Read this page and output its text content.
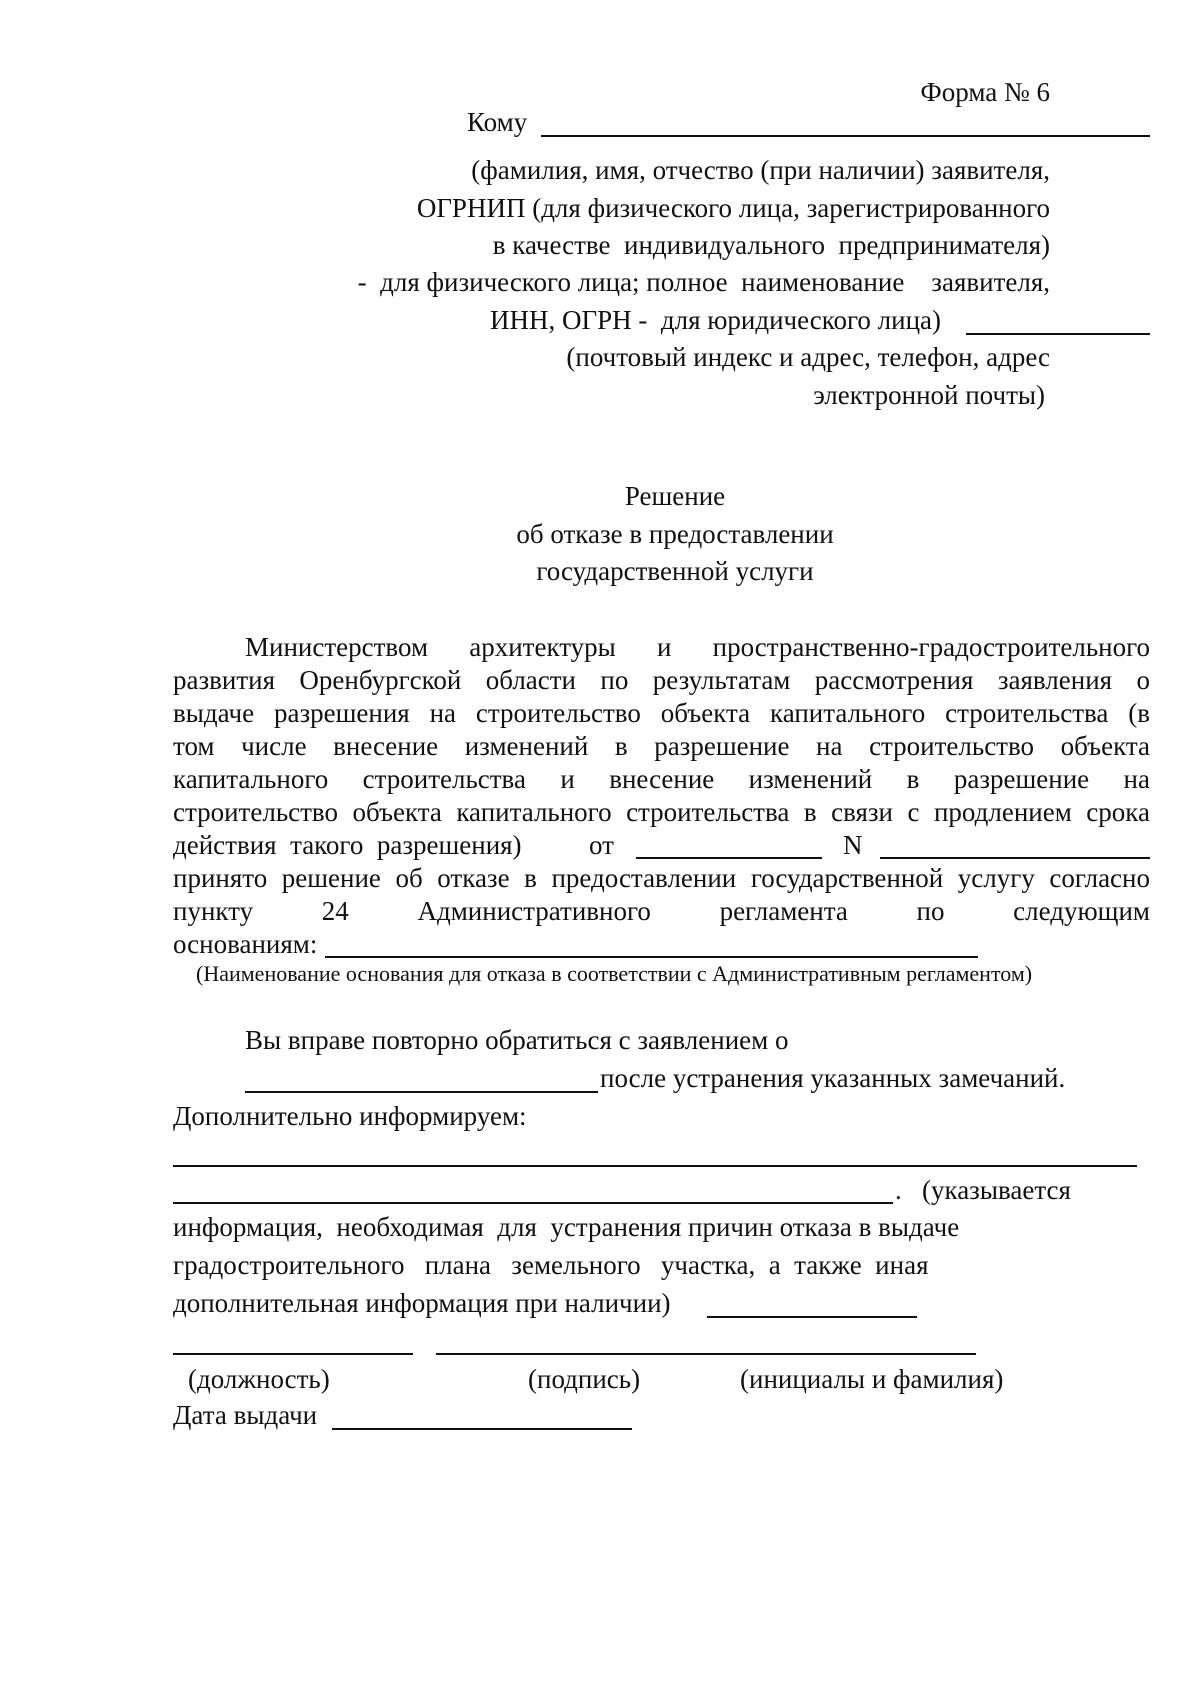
Форма № 6
Кому
(фамилия, имя, отчество (при наличии) заявителя,
ОГРНИП (для физического лица, зарегистрированного
в качестве  индивидуального  предпринимателя)
-  для физического лица; полное  наименование    заявителя,
ИНН, ОГРН -  для юридического лица)
(почтовый индекс и адрес, телефон, адрес
электронной почты)
Решение
об отказе в предоставлении
государственной услуги
Министерством архитектуры и пространственно-градостроительного
развития Оренбургской области по результатам рассмотрения заявления о
выдаче разрешения на строительство объекта капитального строительства (в
том числе внесение изменений в разрешение на строительство объекта
капитального строительства и внесение изменений в разрешение на
строительство объекта капитального строительства в связи с продлением срока
действия  такого  разрешения) от	N
принято решение об отказе в предоставлении государственной услугу согласно
пункту 24 Административного регламента по следующим
основаниям:
(Наименование основания для отказа в соответствии с Административным регламентом)
Вы вправе повторно обратиться с заявлением о
после устранения указанных замечаний.
Дополнительно информируем:
.   (указывается
информация,  необходимая  для  устранения причин отказа в выдаче
градостроительного   плана   земельного   участка,  а  также  иная
дополнительная информация при наличии)
(должность)	(подпись)	(инициалы и фамилия)
Дата выдачи
